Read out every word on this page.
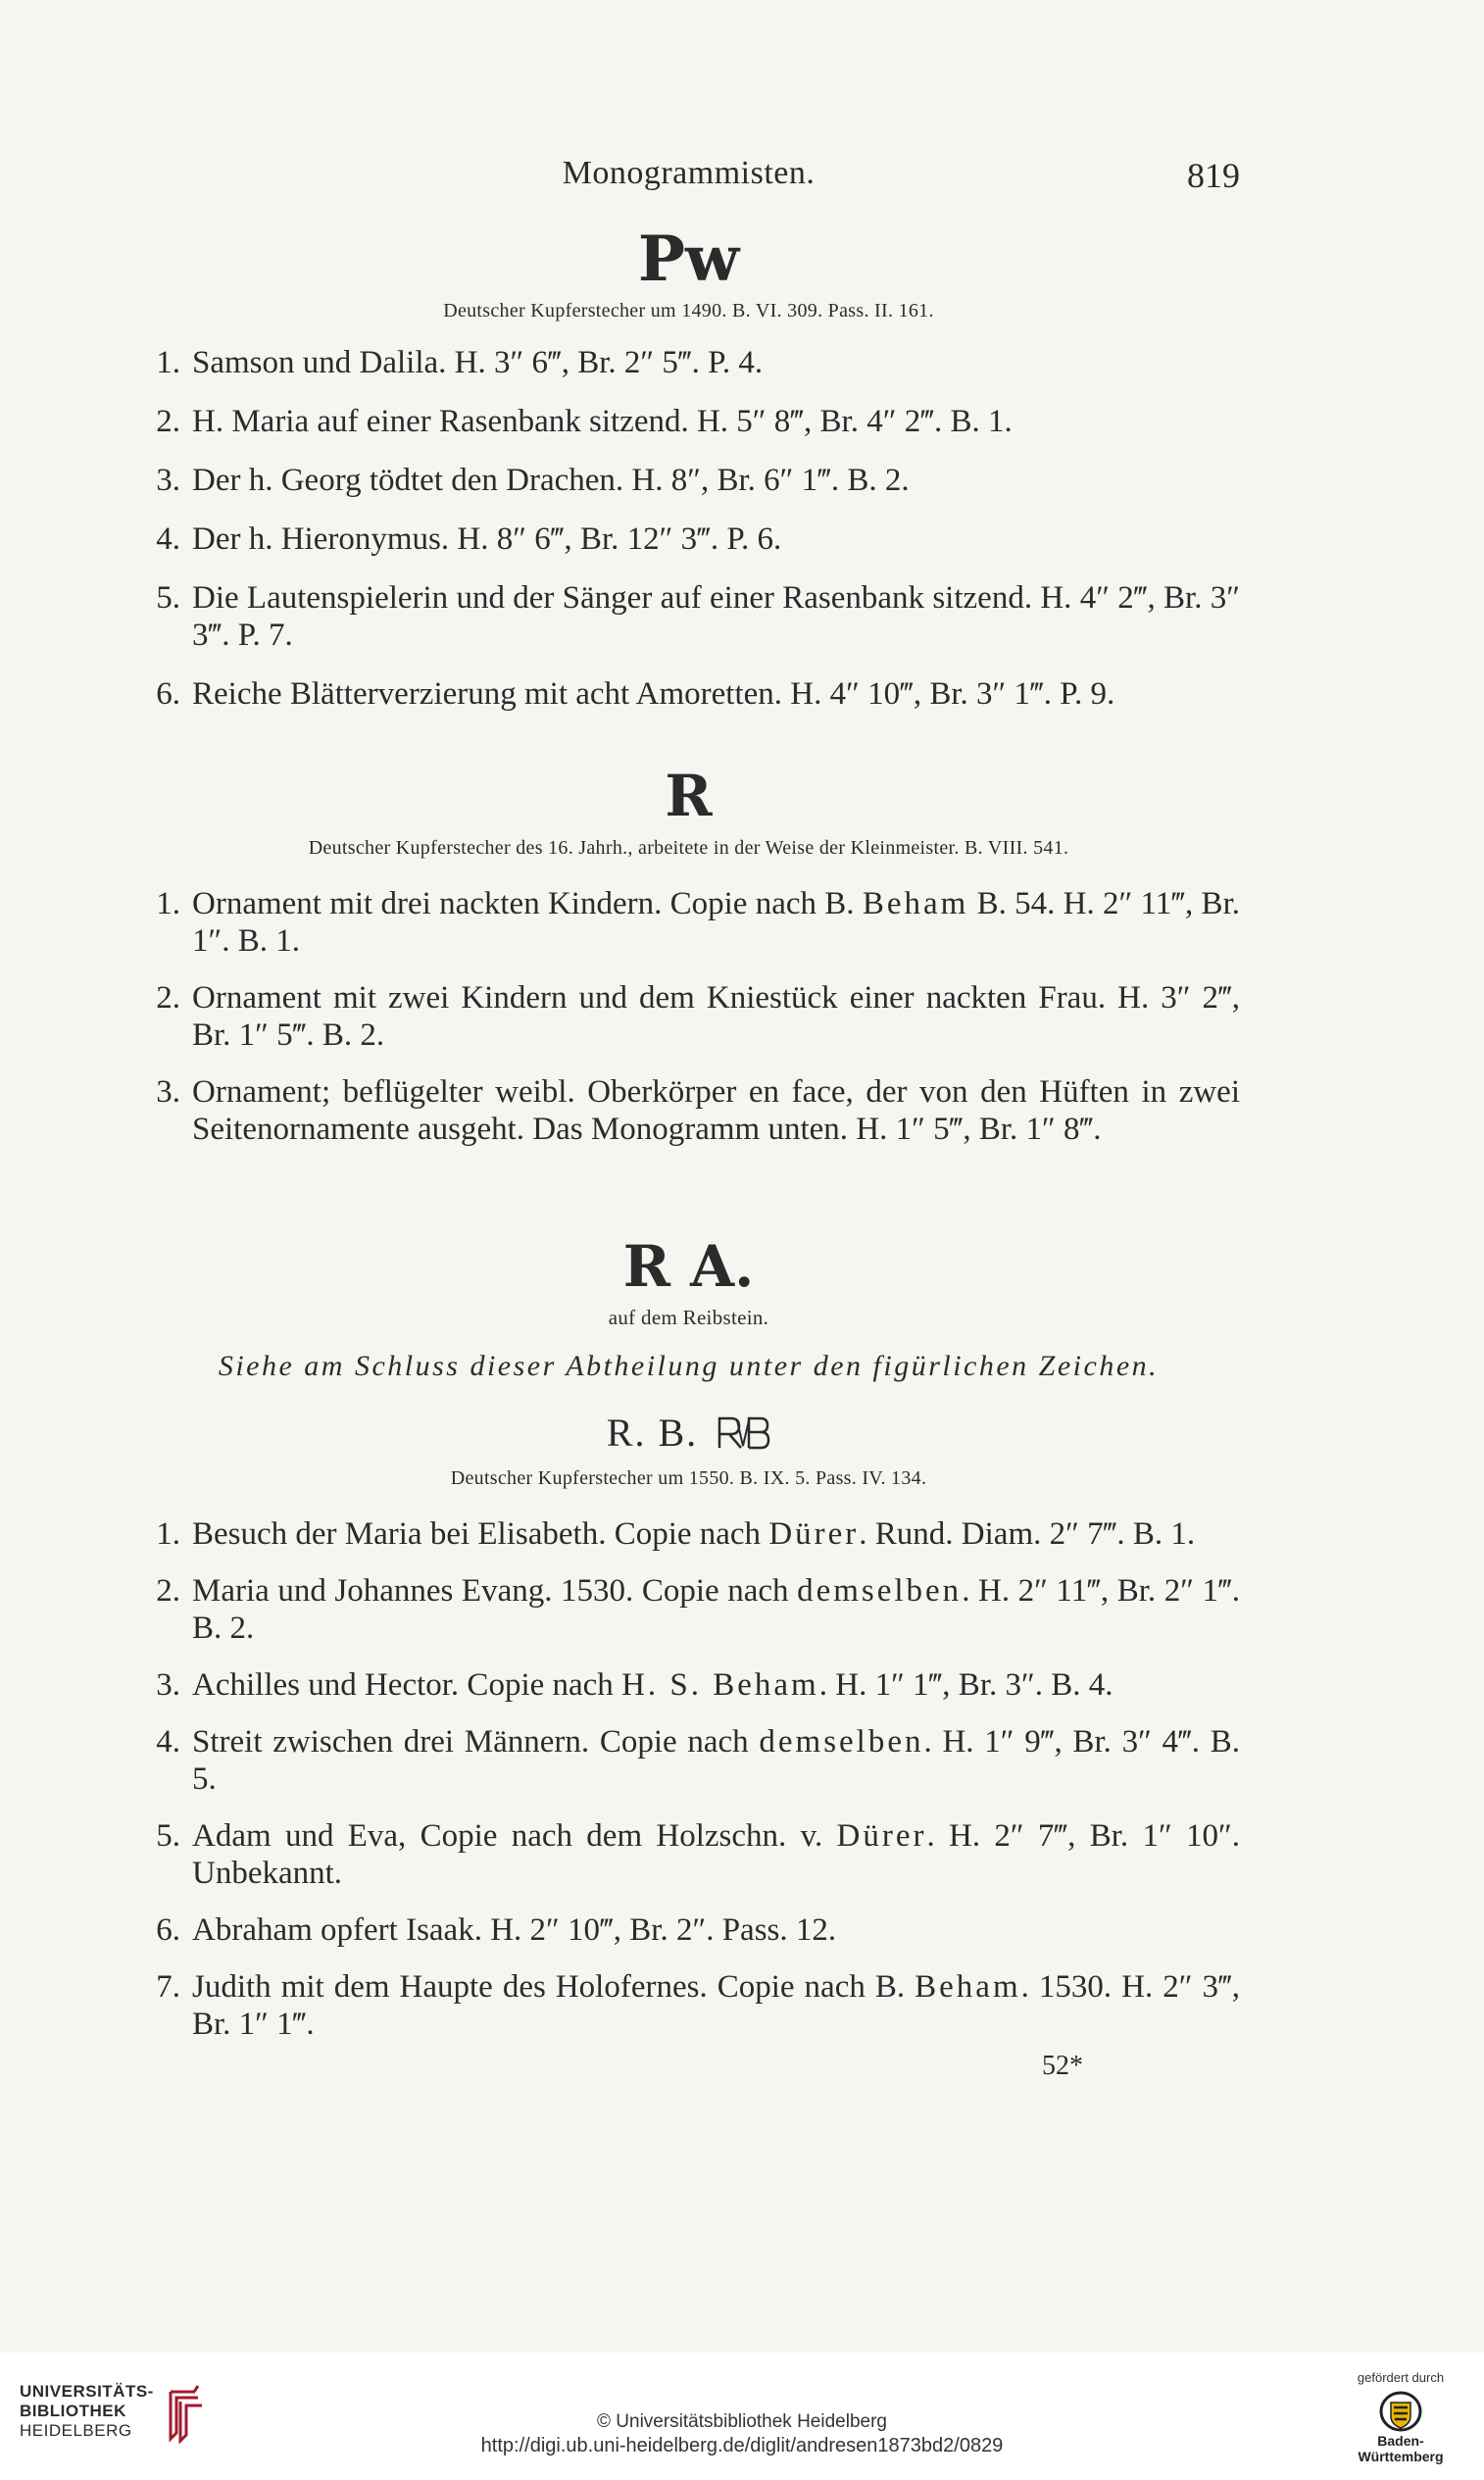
Monogrammisten.	819
Pw
Deutscher Kupferstecher um 1490. B. VI. 309. Pass. II. 161.
1. Samson und Dalila. H. 3″ 6‴, Br. 2″ 5‴. P. 4.
2. H. Maria auf einer Rasenbank sitzend. H. 5″ 8‴, Br. 4″ 2‴. B. 1.
3. Der h. Georg tödtet den Drachen. H. 8″, Br. 6″ 1‴. B. 2.
4. Der h. Hieronymus. H. 8″ 6‴, Br. 12″ 3‴. P. 6.
5. Die Lautenspielerin und der Sänger auf einer Rasenbank sitzend. H. 4″ 2‴, Br. 3″ 3‴. P. 7.
6. Reiche Blätterverzierung mit acht Amoretten. H. 4″ 10‴, Br. 3″ 1‴. P. 9.
R
Deutscher Kupferstecher des 16. Jahrh., arbeitete in der Weise der Kleinmeister. B. VIII. 541.
1. Ornament mit drei nackten Kindern. Copie nach B. Beham B. 54. H. 2″ 11‴, Br. 1″. B. 1.
2. Ornament mit zwei Kindern und dem Kniestück einer nackten Frau. H. 3″ 2‴, Br. 1″ 5‴. B. 2.
3. Ornament; beflügelter weibl. Oberkörper en face, der von den Hüften in zwei Seitenornamente ausgeht. Das Monogramm unten. H. 1″ 5‴, Br. 1″ 8‴.
R A.
auf dem Reibstein.
Siehe am Schluss dieser Abtheilung unter den figürlichen Zeichen.
R. B.
Deutscher Kupferstecher um 1550. B. IX. 5. Pass. IV. 134.
1. Besuch der Maria bei Elisabeth. Copie nach Dürer. Rund. Diam. 2″ 7‴. B. 1.
2. Maria und Johannes Evang. 1530. Copie nach demselben. H. 2″ 11‴, Br. 2″ 1‴. B. 2.
3. Achilles und Hector. Copie nach H. S. Beham. H. 1″ 1‴, Br. 3″. B. 4.
4. Streit zwischen drei Männern. Copie nach demselben. H. 1″ 9‴, Br. 3″ 4‴. B. 5.
5. Adam und Eva, Copie nach dem Holzschn. v. Dürer. H. 2″ 7‴, Br. 1″ 10″. Unbekannt.
6. Abraham opfert Isaak. H. 2″ 10‴, Br. 2″. Pass. 12.
7. Judith mit dem Haupte des Holofernes. Copie nach B. Beham. 1530. H. 2″ 3‴, Br. 1″ 1‴.
52*
UNIVERSITÄTS-
BIBLIOTHEK
HEIDELBERG	© Universitätsbibliothek Heidelberg
http://digi.ub.uni-heidelberg.de/diglit/andresen1873bd2/0829
gefördert durch
Baden-Württemberg
